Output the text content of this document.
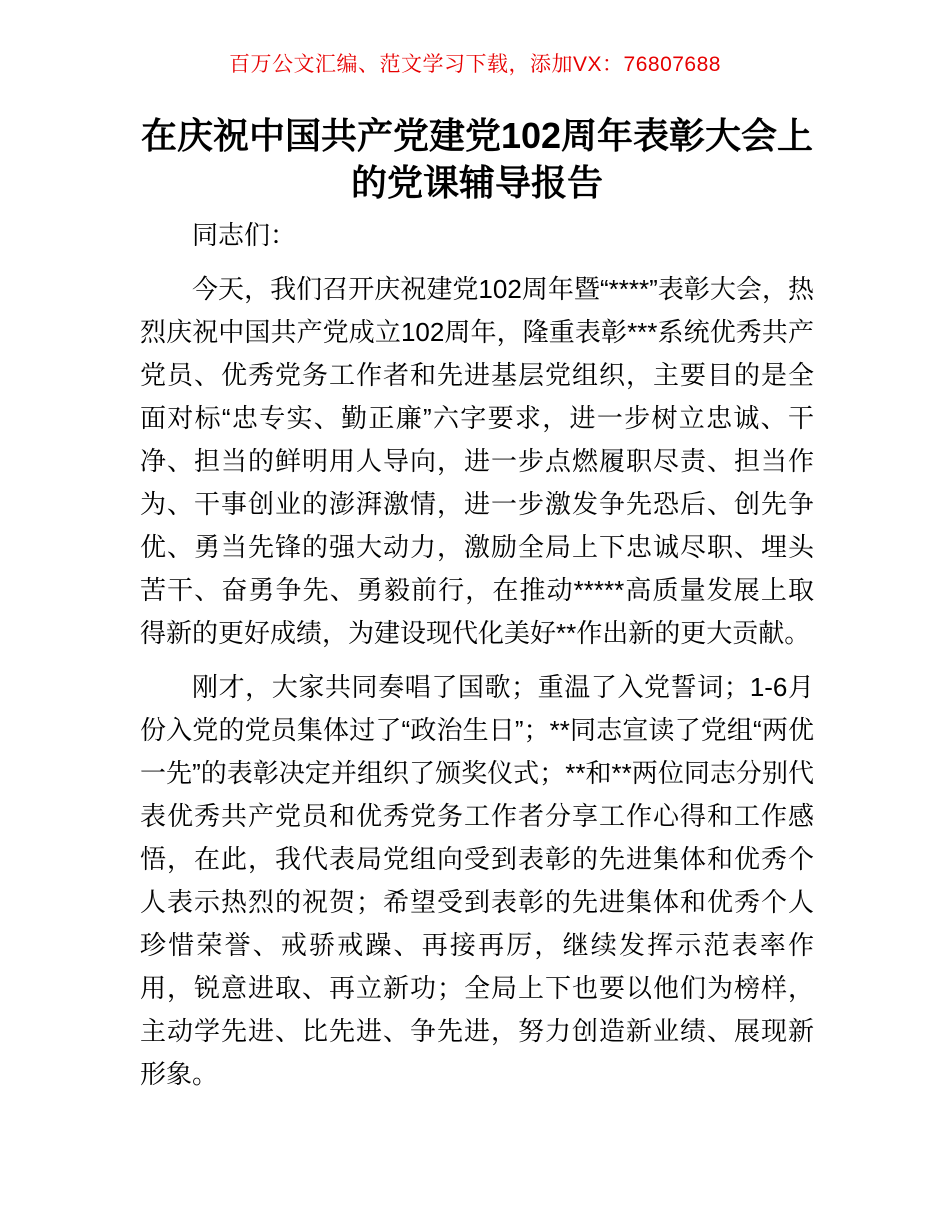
百万公文汇编、范文学习下载，添加VX：76807688
在庆祝中国共产党建党102周年表彰大会上的党课辅导报告

同志们：

今天，我们召开庆祝建党102周年暨“****”表彰大会，热烈庆祝中国共产党成立102周年，隆重表彰***系统优秀共产党员、优秀党务工作者和先进基层党组织，主要目的是全面对标“忠专实、勤正廉”六字要求，进一步树立忠诚、干净、担当的鲜明用人导向，进一步点燃履职尽责、担当作为、干事创业的澎湃激情，进一步激发争先恐后、创先争优、勇当先锋的强大动力，激励全局上下忠诚尽职、埋头苦干、奋勇争先、勇毅前行，在推动*****高质量发展上取得新的更好成绩，为建设现代化美好**作出新的更大贡献。

刚才，大家共同奏唱了国歌；重温了入党誓词；1-6月份入党的党员集体过了“政治生日”；**同志宣读了党组“两优一先”的表彰决定并组织了颁奖仪式；**和**两位同志分别代表优秀共产党员和优秀党务工作者分享工作心得和工作感悟，在此，我代表局党组向受到表彰的先进集体和优秀个人表示热烈的祝贺；希望受到表彰的先进集体和优秀个人珍惜荣誉、戒骄戒躁、再接再厉，继续发挥示范表率作用，锐意进取、再立新功；全局上下也要以他们为榜样，主动学先进、比先进、争先进，努力创造新业绩、展现新形象。
